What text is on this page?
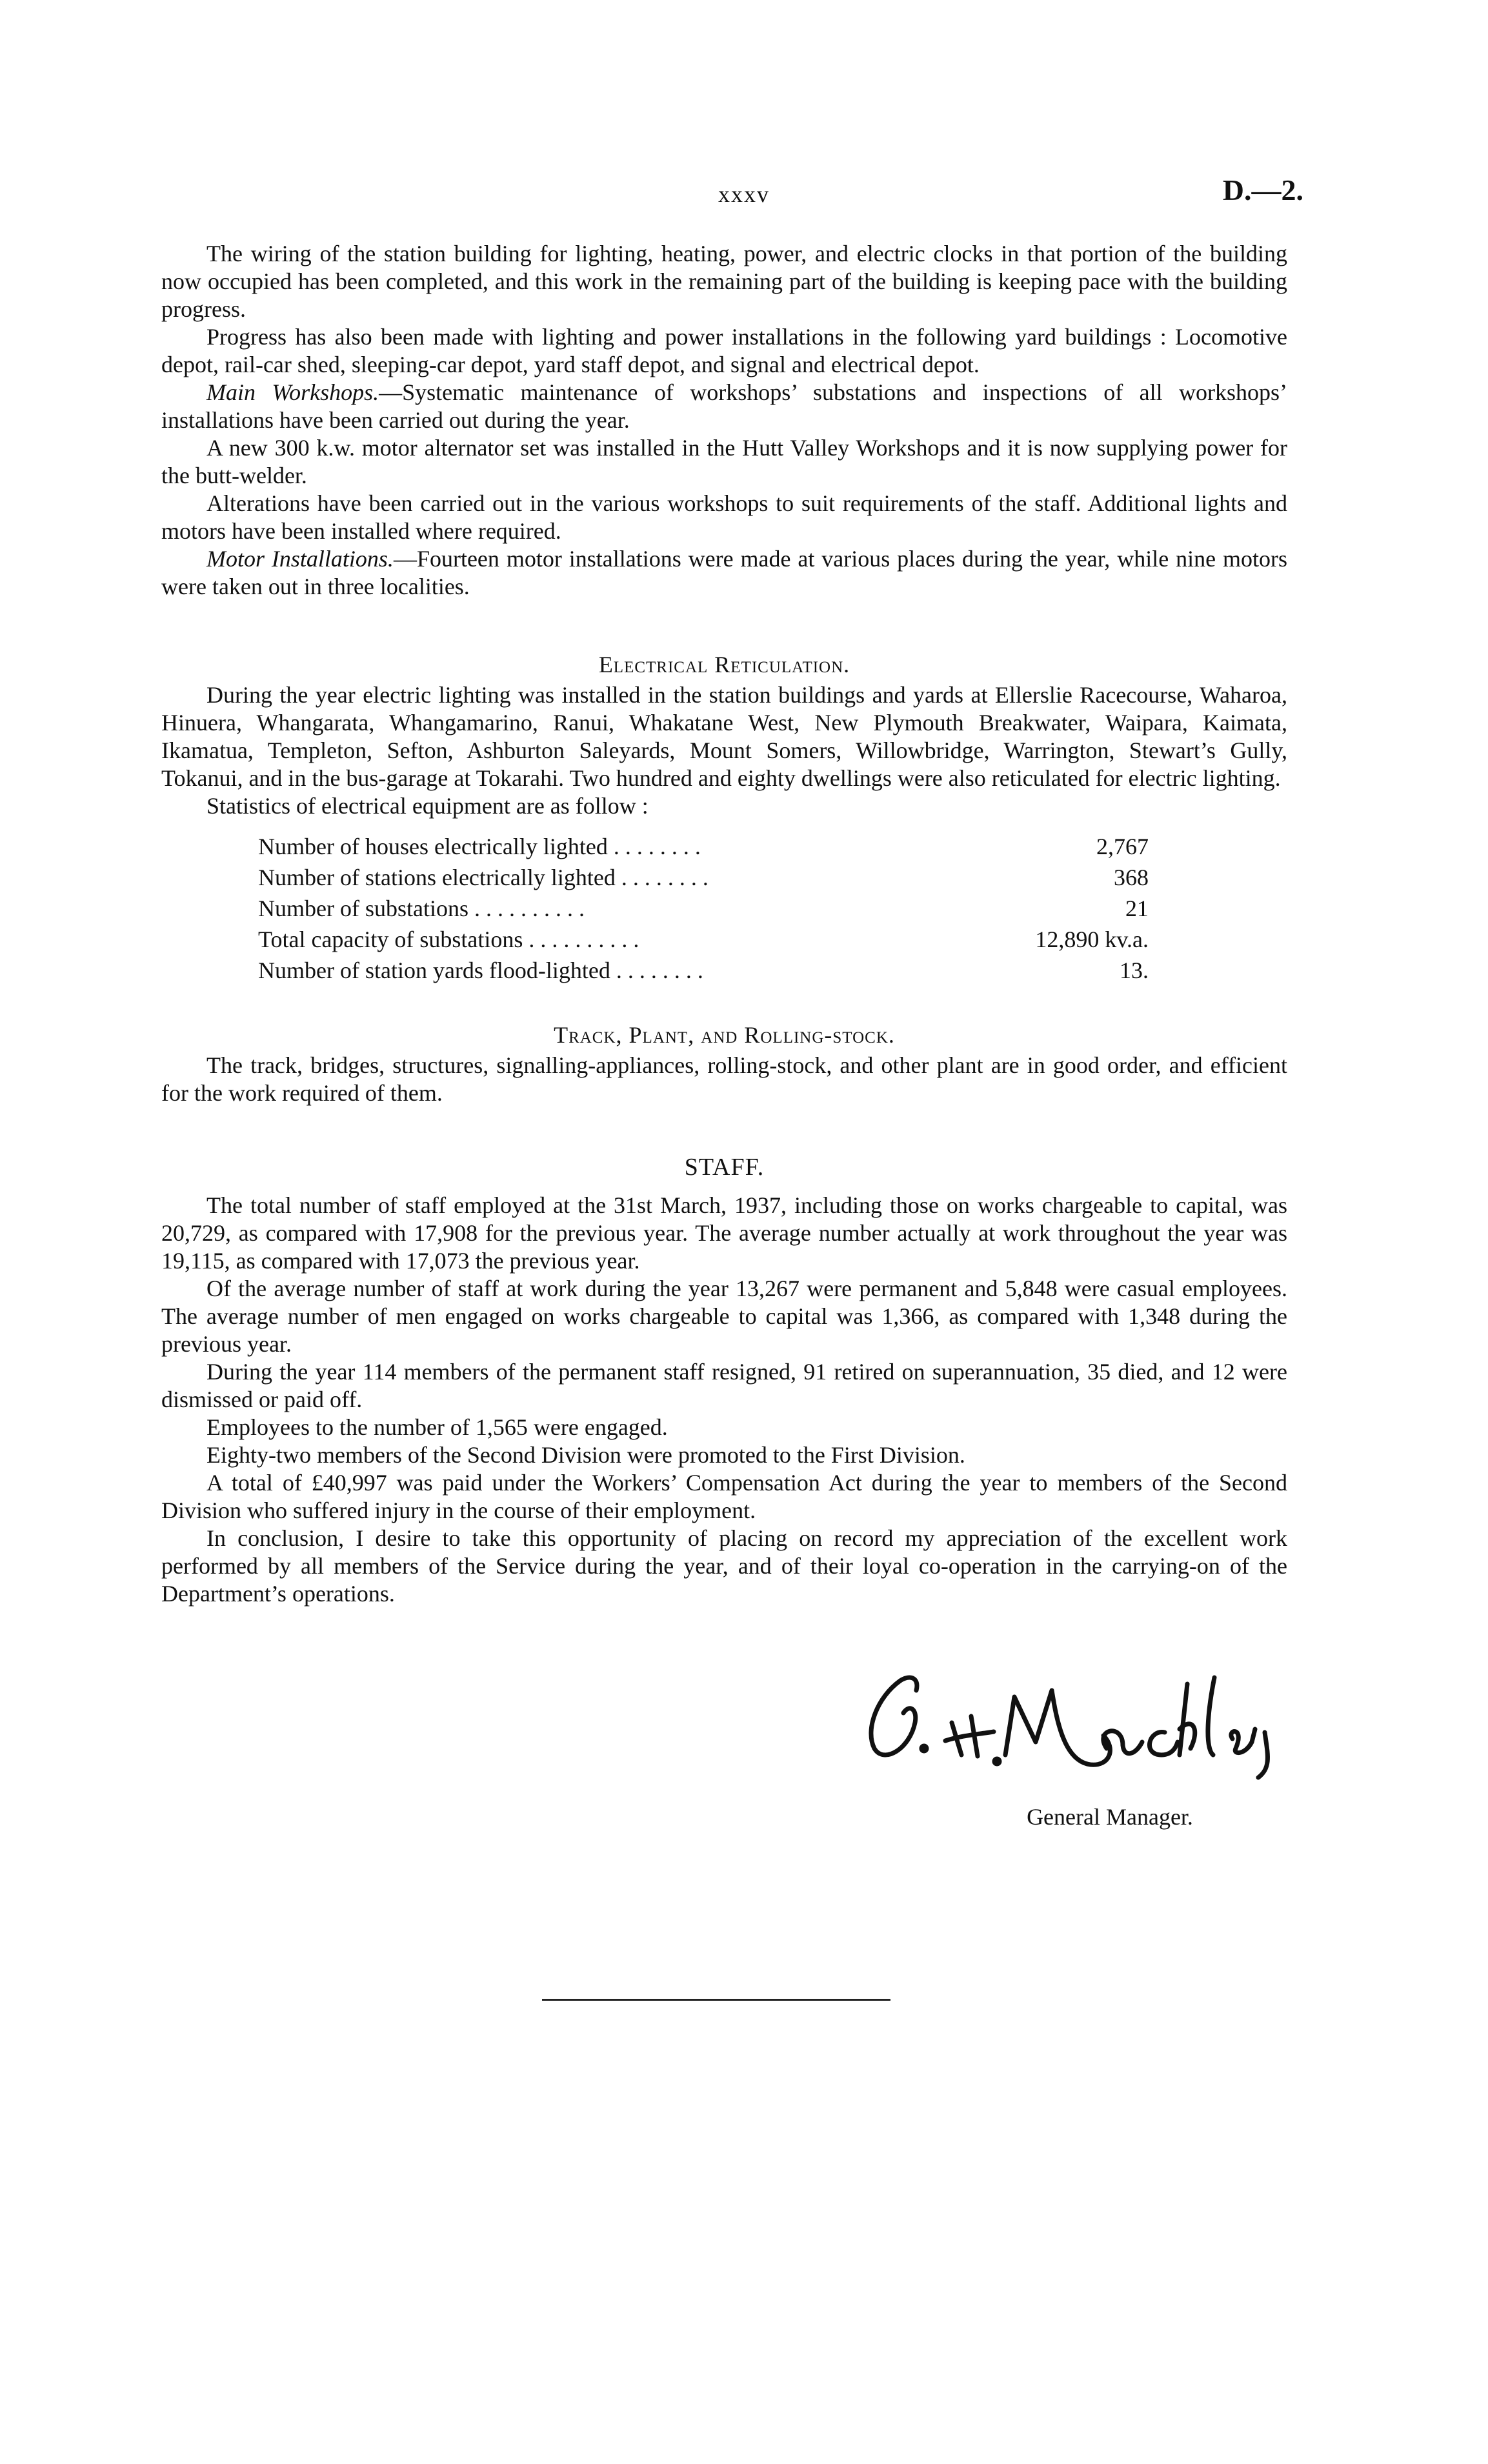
xxxv	D.—2.

The wiring of the station building for lighting, heating, power, and electric clocks in that portion of the building now occupied has been completed, and this work in the remaining part of the building is keeping pace with the building progress.

Progress has also been made with lighting and power installations in the following yard buildings : Locomotive depot, rail-car shed, sleeping-car depot, yard staff depot, and signal and electrical depot.

Main Workshops.—Systematic maintenance of workshops’ substations and inspections of all workshops’ installations have been carried out during the year.

A new 300 k.w. motor alternator set was installed in the Hutt Valley Workshops and it is now supplying power for the butt-welder.

Alterations have been carried out in the various workshops to suit requirements of the staff. Additional lights and motors have been installed where required.

Motor Installations.—Fourteen motor installations were made at various places during the year, while nine motors were taken out in three localities.

Electrical Reticulation.

During the year electric lighting was installed in the station buildings and yards at Ellerslie Racecourse, Waharoa, Hinuera, Whangarata, Whangamarino, Ranui, Whakatane West, New Plymouth Breakwater, Waipara, Kaimata, Ikamatua, Templeton, Sefton, Ashburton Saleyards, Mount Somers, Willowbridge, Warrington, Stewart’s Gully, Tokanui, and in the bus-garage at Tokarahi. Two hundred and eighty dwellings were also reticulated for electric lighting.

Statistics of electrical equipment are as follow :

Number of houses electrically lighted . . . . . . . .	2,767
Number of stations electrically lighted . . . . . . . .	368
Number of substations . . . . . . . . . .	21
Total capacity of substations . . . . . . . . . .	12,890 kv.a.
Number of station yards flood-lighted . . . . . . . .	13.
Track, Plant, and Rolling-stock.

The track, bridges, structures, signalling-appliances, rolling-stock, and other plant are in good order, and efficient for the work required of them.

STAFF.

The total number of staff employed at the 31st March, 1937, including those on works chargeable to capital, was 20,729, as compared with 17,908 for the previous year. The average number actually at work throughout the year was 19,115, as compared with 17,073 the previous year.

Of the average number of staff at work during the year 13,267 were permanent and 5,848 were casual employees. The average number of men engaged on works chargeable to capital was 1,366, as compared with 1,348 during the previous year.

During the year 114 members of the permanent staff resigned, 91 retired on superannuation, 35 died, and 12 were dismissed or paid off.

Employees to the number of 1,565 were engaged.

Eighty-two members of the Second Division were promoted to the First Division.

A total of £40,997 was paid under the Workers’ Compensation Act during the year to members of the Second Division who suffered injury in the course of their employment.

In conclusion, I desire to take this opportunity of placing on record my appreciation of the excellent work performed by all members of the Service during the year, and of their loyal co-operation in the carrying-on of the Department’s operations.

General Manager.
